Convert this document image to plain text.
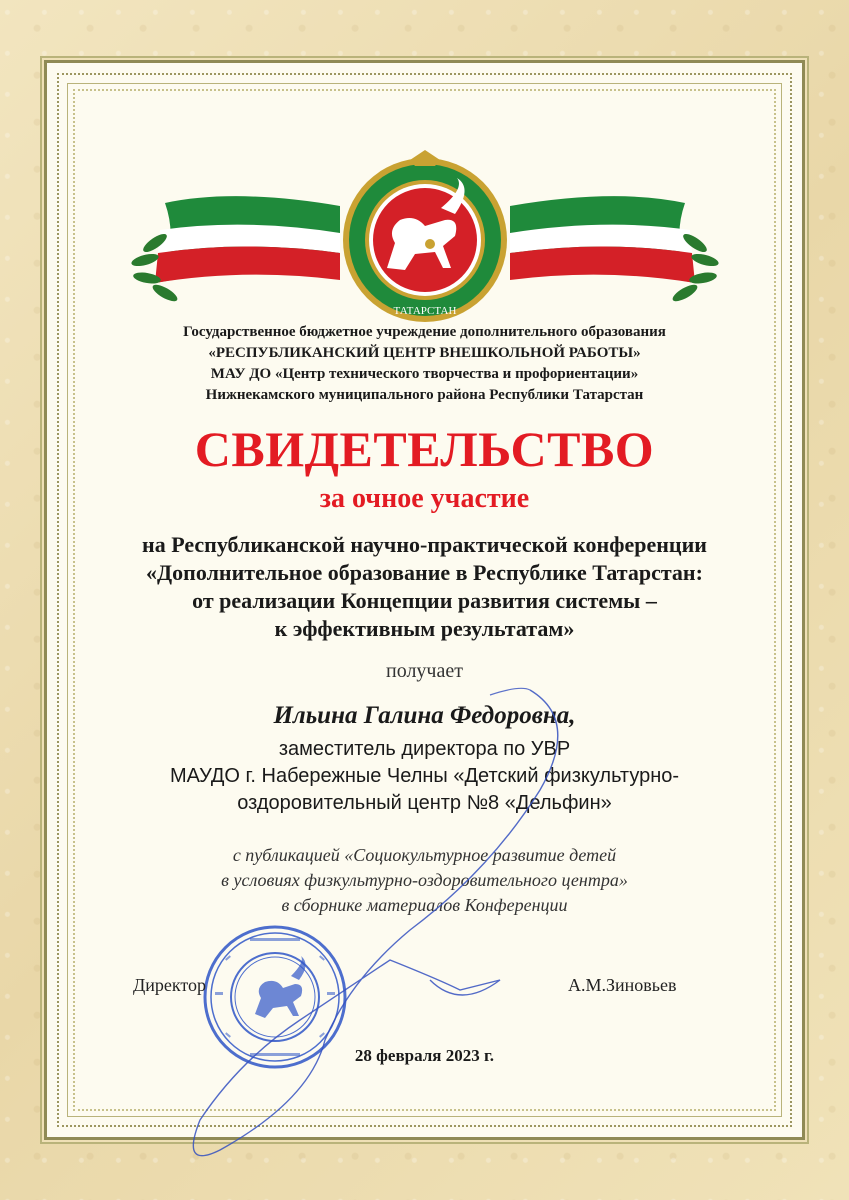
ТАТАРСТАН
Государственное бюджетное учреждение дополнительного образования
«РЕСПУБЛИКАНСКИЙ ЦЕНТР ВНЕШКОЛЬНОЙ РАБОТЫ»
МАУ ДО «Центр технического творчества и профориентации»
Нижнекамского муниципального района Республики Татарстан
СВИДЕТЕЛЬСТВО
за очное участие
на Республиканской научно-практической конференции
«Дополнительное образование в Республике Татарстан:
от реализации Концепции развития системы –
к эффективным результатам»
получает
Ильина Галина Федоровна,
заместитель директора по УВР
МАУДО г. Набережные Челны «Детский физкультурно-
оздоровительный центр №8 «Дельфин»
с публикацией «Социокультурное развитие детей
в условиях физкультурно-оздоровительного центра»
в сборнике материалов Конференции
Директор	А.М.Зиновьев
28 февраля 2023 г.
